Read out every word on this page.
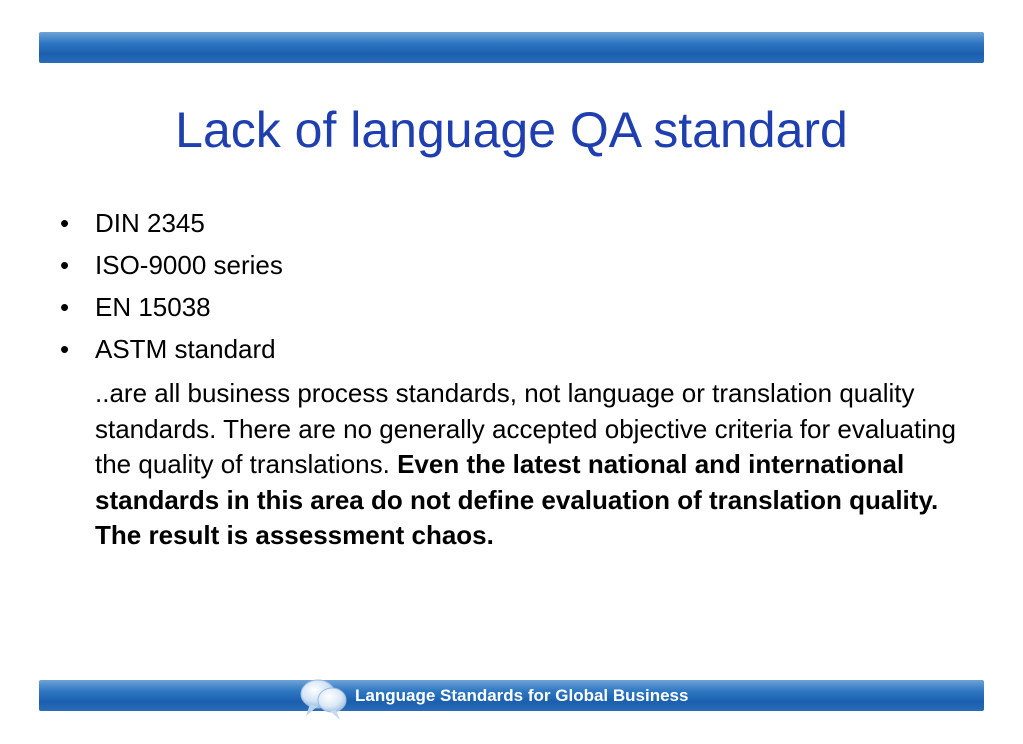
Lack of language QA standard
• DIN 2345
• ISO-9000 series
• EN 15038
• ASTM standard

..are all business process standards, not language or translation quality standards. There are no generally accepted objective criteria for evaluating the quality of translations. Even the latest national and international standards in this area do not define evaluation of translation quality. The result is assessment chaos.

Language Standards for Global Business
